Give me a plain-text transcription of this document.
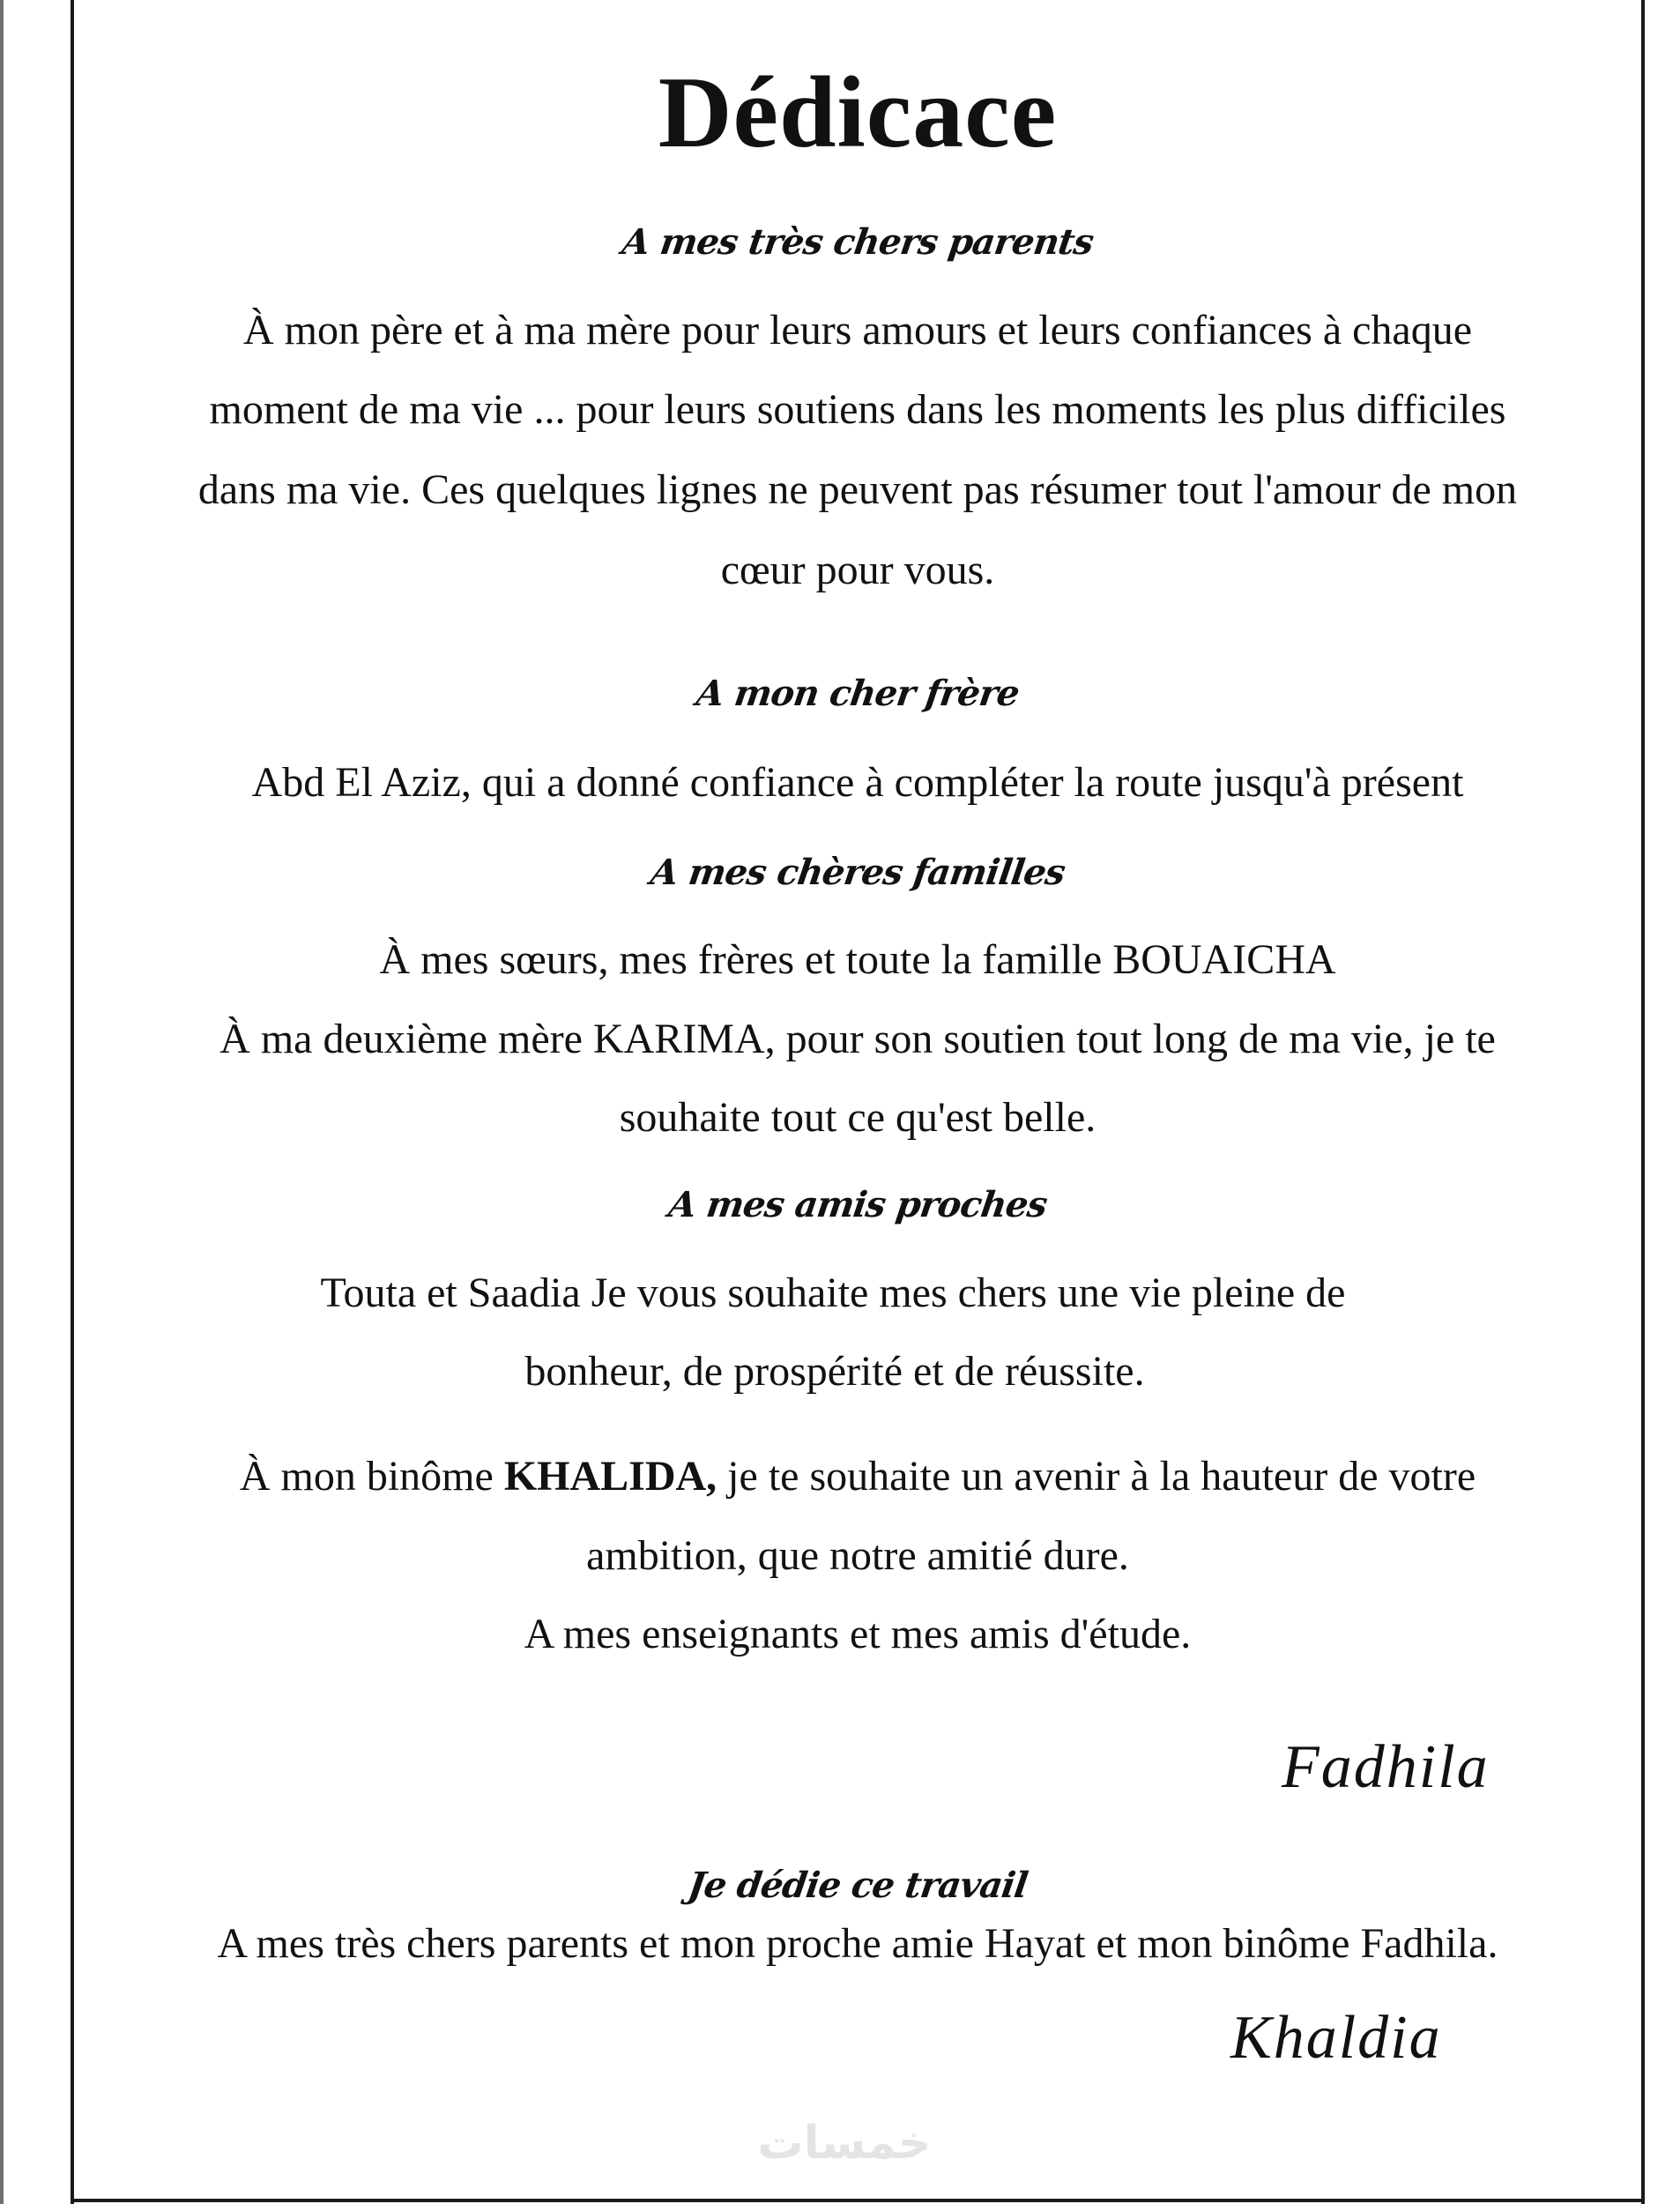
Dédicace
A mes très chers parents

À mon père et à ma mère pour leurs amours et leurs confiances à chaque

moment de ma vie ... pour leurs soutiens dans les moments les plus difficiles

dans ma vie. Ces quelques lignes ne peuvent pas résumer tout l'amour de mon

cœur pour vous.

A mon cher frère

Abd El Aziz, qui a donné confiance à compléter la route jusqu'à présent

A mes chères familles

À mes sœurs, mes frères et toute la famille BOUAICHA

À ma deuxième mère KARIMA, pour son soutien tout long de ma vie, je te

souhaite tout ce qu'est belle.

A mes amis proches

Touta et Saadia Je vous souhaite mes chers une vie pleine de

bonheur, de prospérité et de réussite.

À mon binôme KHALIDA, je te souhaite un avenir à la hauteur de votre

ambition, que notre amitié dure.

A mes enseignants et mes amis d'étude.

Fadhila
Je dédie ce travail

A mes très chers parents et mon proche amie Hayat et mon binôme Fadhila.

Khaldia
خمسات
